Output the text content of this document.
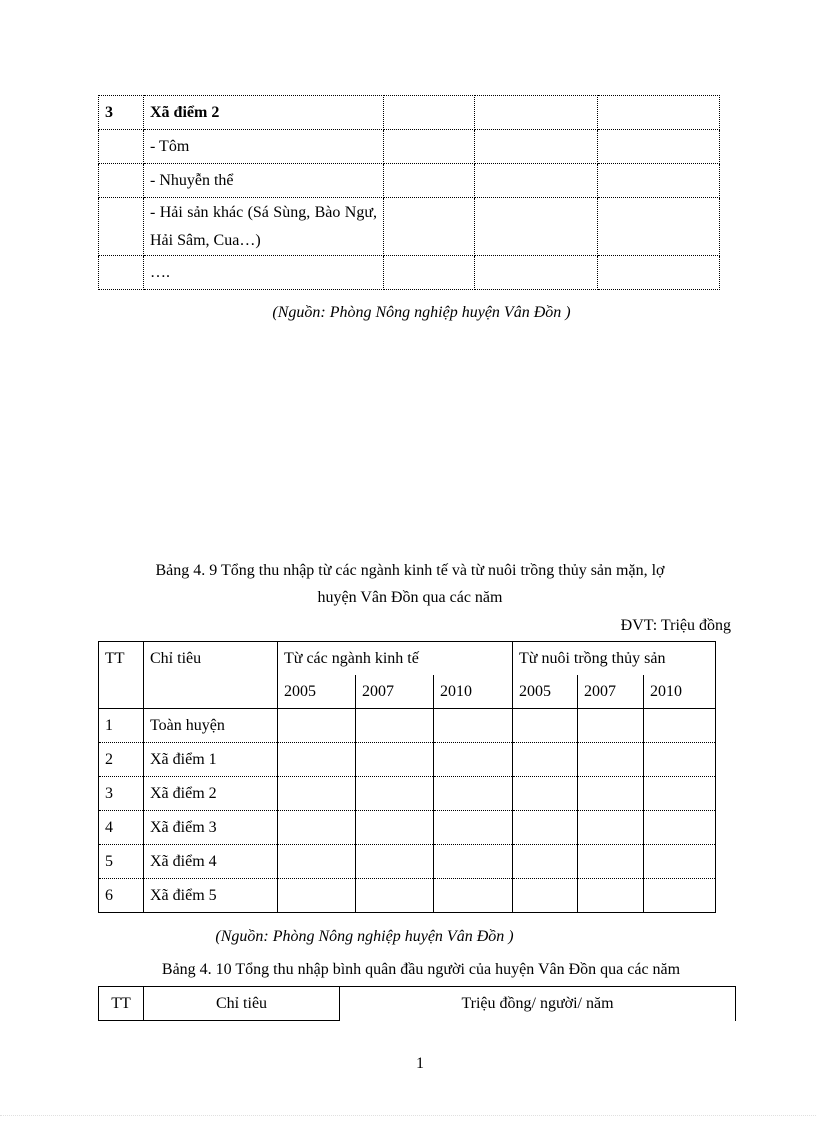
3	Xã điểm 2			
	- Tôm			
	- Nhuyễn thể			
	- Hải sản khác (Sá Sùng, Bào Ngư, Hải Sâm, Cua…)			
	….			
(Nguồn: Phòng Nông nghiệp huyện Vân Đồn )
Bảng 4. 9 Tổng thu nhập từ các ngành kinh tế và từ nuôi trồng thủy sản mặn, lợ
huyện Vân Đồn qua các năm
ĐVT: Triệu đồng
TT	Chỉ tiêu	Từ các ngành kinh tế			Từ nuôi trồng thủy sản		
		2005	2007	2010	2005	2007	2010
1	Toàn huyện						
2	Xã điểm 1						
3	Xã điểm 2						
4	Xã điểm 3						
5	Xã điểm 4						
6	Xã điểm 5						
(Nguồn: Phòng Nông nghiệp huyện Vân Đồn )
Bảng 4. 10 Tổng thu nhập bình quân đầu người của huyện Vân Đồn qua các năm
TT	Chỉ tiêu	Triệu đồng/ người/ năm
1
